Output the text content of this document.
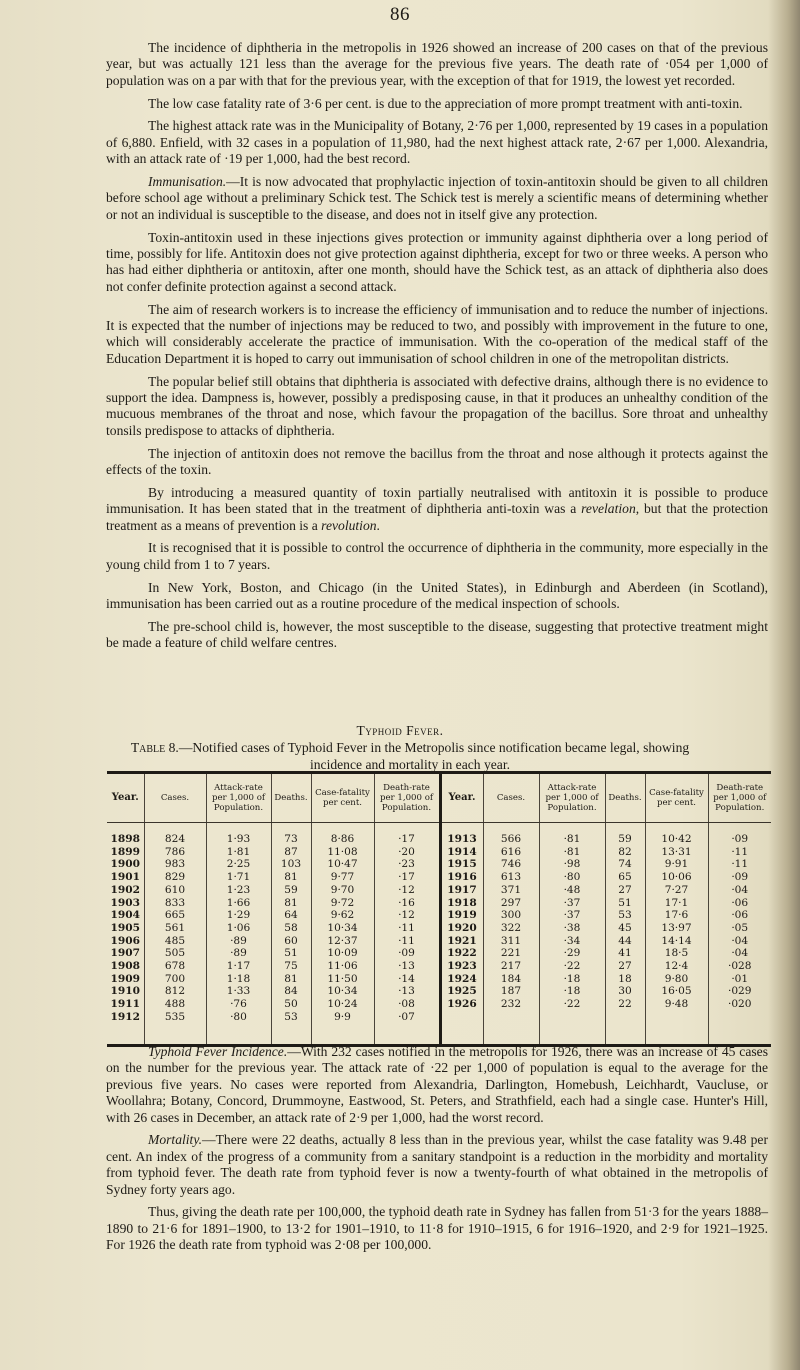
86

The incidence of diphtheria in the metropolis in 1926 showed an increase of 200 cases on that of the previous year, but was actually 121 less than the average for the previous five years. The death rate of ·054 per 1,000 of population was on a par with that for the previous year, with the exception of that for 1919, the lowest yet recorded.

The low case fatality rate of 3·6 per cent. is due to the appreciation of more prompt treatment with anti-toxin.

The highest attack rate was in the Municipality of Botany, 2·76 per 1,000, represented by 19 cases in a population of 6,880. Enfield, with 32 cases in a population of 11,980, had the next highest attack rate, 2·67 per 1,000. Alexandria, with an attack rate of ·19 per 1,000, had the best record.

Immunisation.—It is now advocated that prophylactic injection of toxin-antitoxin should be given to all children before school age without a preliminary Schick test. The Schick test is merely a scientific means of determining whether or not an individual is susceptible to the disease, and does not in itself give any protection.

Toxin-antitoxin used in these injections gives protection or immunity against diphtheria over a long period of time, possibly for life. Antitoxin does not give protection against diphtheria, except for two or three weeks. A person who has had either diphtheria or antitoxin, after one month, should have the Schick test, as an attack of diphtheria also does not confer definite protection against a second attack.

The aim of research workers is to increase the efficiency of immunisation and to reduce the number of injections. It is expected that the number of injections may be reduced to two, and possibly with improvement in the future to one, which will considerably accelerate the practice of immunisation. With the co-operation of the medical staff of the Education Department it is hoped to carry out immunisation of school children in one of the metropolitan districts.

The popular belief still obtains that diphtheria is associated with defective drains, although there is no evidence to support the idea. Dampness is, however, possibly a predisposing cause, in that it produces an unhealthy condition of the mucuous membranes of the throat and nose, which favour the propagation of the bacillus. Sore throat and unhealthy tonsils predispose to attacks of diphtheria.

The injection of antitoxin does not remove the bacillus from the throat and nose although it protects against the effects of the toxin.

By introducing a measured quantity of toxin partially neutralised with antitoxin it is possible to produce immunisation. It has been stated that in the treatment of diphtheria anti-toxin was a revelation, but that the protection treatment as a means of prevention is a revolution.

It is recognised that it is possible to control the occurrence of diphtheria in the community, more especially in the young child from 1 to 7 years.

In New York, Boston, and Chicago (in the United States), in Edinburgh and Aberdeen (in Scotland), immunisation has been carried out as a routine procedure of the medical inspection of schools.

The pre-school child is, however, the most susceptible to the disease, suggesting that protective treatment might be made a feature of child welfare centres.

Typhoid Fever.
Table 8.—Notified cases of Typhoid Fever in the Metropolis since notification became legal, showing incidence and mortality in each year.
Year.	Cases.	Attack-rate per 1,000 of Population.	Deaths.	Case-fatality per cent.	Death-rate per 1,000 of Population.	Year.	Cases.	Attack-rate per 1,000 of Population.	Deaths.	Case-fatality per cent.	Death-rate per 1,000 of Population.

1898	824	1·93	73	8·86	·17	1913	566	·81	59	10·42	·09
1899	786	1·81	87	11·08	·20	1914	616	·81	82	13·31	·11
1900	983	2·25	103	10·47	·23	1915	746	·98	74	9·91	·11
1901	829	1·71	81	9·77	·17	1916	613	·80	65	10·06	·09
1902	610	1·23	59	9·70	·12	1917	371	·48	27	7·27	·04
1903	833	1·66	81	9·72	·16	1918	297	·37	51	17·1	·06
1904	665	1·29	64	9·62	·12	1919	300	·37	53	17·6	·06
1905	561	1·06	58	10·34	·11	1920	322	·38	45	13·97	·05
1906	485	·89	60	12·37	·11	1921	311	·34	44	14·14	·04
1907	505	·89	51	10·09	·09	1922	221	·29	41	18·5	·04
1908	678	1·17	75	11·06	·13	1923	217	·22	27	12·4	·028
1909	700	1·18	81	11·50	·14	1924	184	·18	18	9·80	·01
1910	812	1·33	84	10·34	·13	1925	187	·18	30	16·05	·029
1911	488	·76	50	10·24	·08	1926	232	·22	22	9·48	·020
1912	535	·80	53	9·9	·07						

Typhoid Fever Incidence.—With 232 cases notified in the metropolis for 1926, there was an increase of 45 cases on the number for the previous year. The attack rate of ·22 per 1,000 of population is equal to the average for the previous five years. No cases were reported from Alexandria, Darlington, Homebush, Leichhardt, Vaucluse, or Woollahra; Botany, Concord, Drummoyne, Eastwood, St. Peters, and Strathfield, each had a single case. Hunter's Hill, with 26 cases in December, an attack rate of 2·9 per 1,000, had the worst record.

Mortality.—There were 22 deaths, actually 8 less than in the previous year, whilst the case fatality was 9.48 per cent. An index of the progress of a community from a sanitary standpoint is a reduction in the morbidity and mortality from typhoid fever. The death rate from typhoid fever is now a twenty-fourth of what obtained in the metropolis of Sydney forty years ago.

Thus, giving the death rate per 100,000, the typhoid death rate in Sydney has fallen from 51·3 for the years 1888–1890 to 21·6 for 1891–1900, to 13·2 for 1901–1910, to 11·8 for 1910–1915, 6 for 1916–1920, and 2·9 for 1921–1925. For 1926 the death rate from typhoid was 2·08 per 100,000.
